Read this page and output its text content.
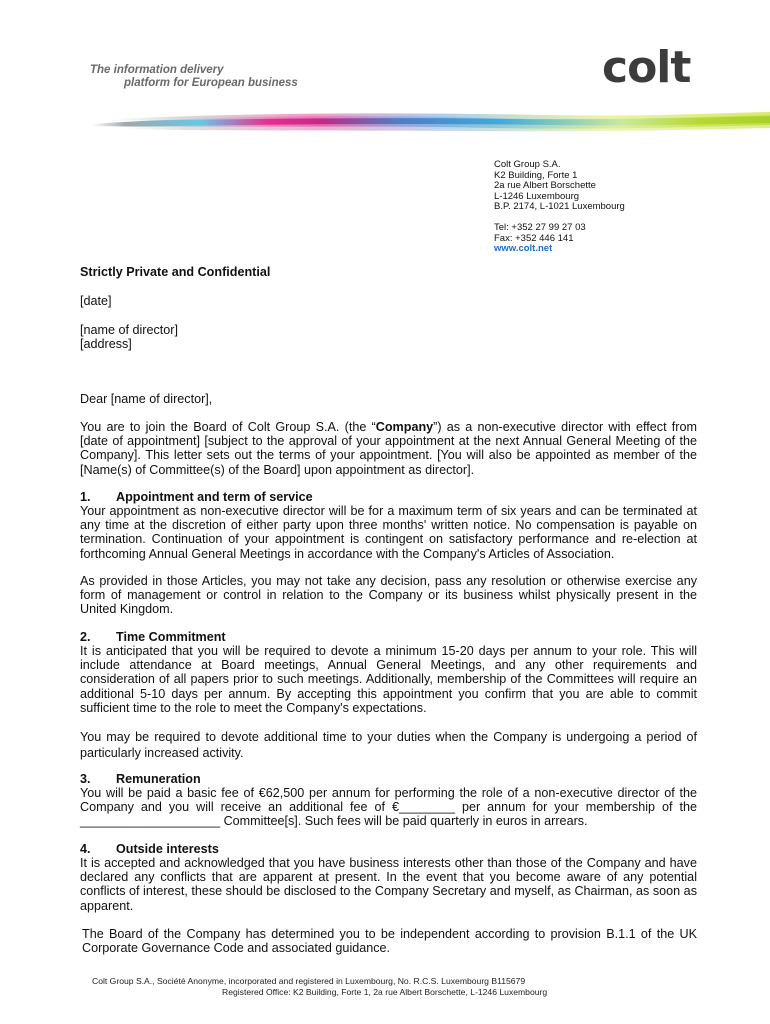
The information delivery
platform for European business	colt
Colt Group S.A.
K2 Building, Forte 1
2a rue Albert Borschette
L-1246 Luxembourg
B.P. 2174, L-1021 Luxembourg
Tel: +352 27 99 27 03
Fax: +352 446 141
www.colt.net
Strictly Private and Confidential
[date]
[name of director]
[address]
Dear [name of director],
You are to join the Board of Colt Group S.A. (the “Company”) as a non-executive director with effect from [date of appointment] [subject to the approval of your appointment at the next Annual General Meeting of the Company]. This letter sets out the terms of your appointment. [You will also be appointed as member of the [Name(s) of Committee(s) of the Board] upon appointment as director].
1. Appointment and term of service
Your appointment as non-executive director will be for a maximum term of six years and can be terminated at any time at the discretion of either party upon three months' written notice. No compensation is payable on termination. Continuation of your appointment is contingent on satisfactory performance and re-election at forthcoming Annual General Meetings in accordance with the Company's Articles of Association.
As provided in those Articles, you may not take any decision, pass any resolution or otherwise exercise any form of management or control in relation to the Company or its business whilst physically present in the United Kingdom.
2. Time Commitment
It is anticipated that you will be required to devote a minimum 15-20 days per annum to your role. This will include attendance at Board meetings, Annual General Meetings, and any other requirements and consideration of all papers prior to such meetings. Additionally, membership of the Committees will require an additional 5-10 days per annum. By accepting this appointment you confirm that you are able to commit sufficient time to the role to meet the Company's expectations.
You may be required to devote additional time to your duties when the Company is undergoing a period of particularly increased activity.
3. Remuneration
You will be paid a basic fee of €62,500 per annum for performing the role of a non-executive director of the Company and you will receive an additional fee of €________ per annum for your membership of the ____________________ Committee[s]. Such fees will be paid quarterly in euros in arrears.
4. Outside interests
It is accepted and acknowledged that you have business interests other than those of the Company and have declared any conflicts that are apparent at present. In the event that you become aware of any potential conflicts of interest, these should be disclosed to the Company Secretary and myself, as Chairman, as soon as apparent.
The Board of the Company has determined you to be independent according to provision B.1.1 of the UK Corporate Governance Code and associated guidance.
Colt Group S.A., Société Anonyme, incorporated and registered in Luxembourg, No. R.C.S. Luxembourg B115679
Registered Office: K2 Building, Forte 1, 2a rue Albert Borschette, L-1246 Luxembourg
